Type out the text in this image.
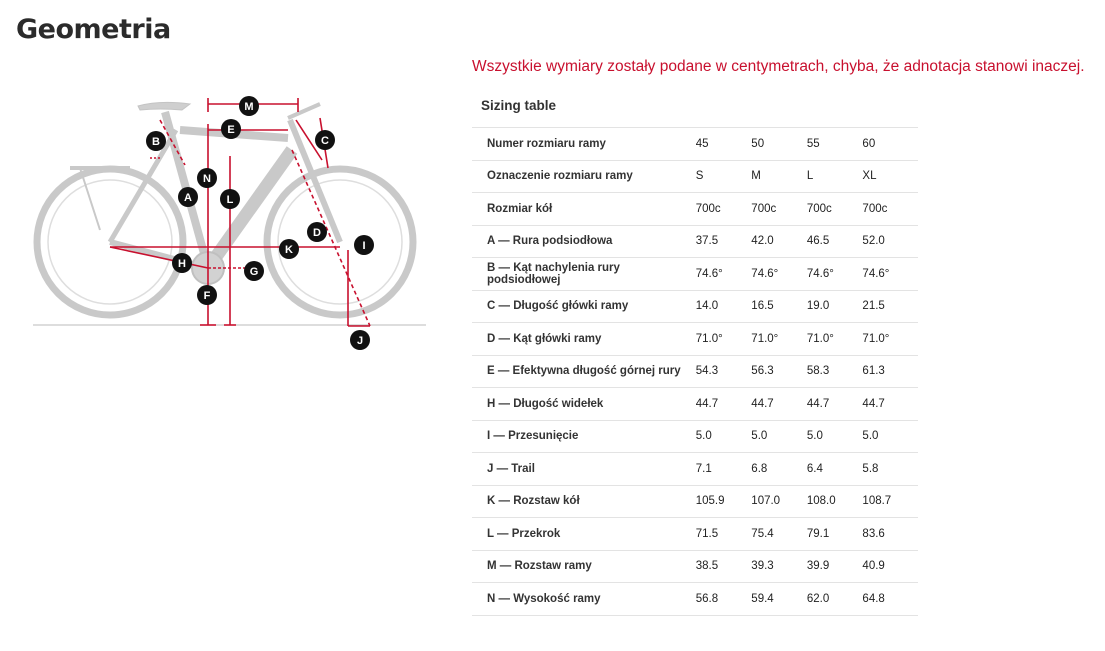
Geometria
M
E
C
B
N
A	L
D
I
K
H
G
F
J

Wszystkie wymiary zostały podane w centymetrach, chyba, że adnotacja stanowi inaczej.

Sizing table
Numer rozmiaru ramy	45	50	55	60
Oznaczenie rozmiaru ramy	S	M	L	XL
Rozmiar kół	700c	700c	700c	700c
A — Rura podsiodłowa	37.5	42.0	46.5	52.0
B — Kąt nachylenia rury podsiodłowej	74.6°	74.6°	74.6°	74.6°
C — Długość główki ramy	14.0	16.5	19.0	21.5
D — Kąt główki ramy	71.0°	71.0°	71.0°	71.0°
E — Efektywna długość górnej rury	54.3	56.3	58.3	61.3
H — Długość widełek	44.7	44.7	44.7	44.7
I — Przesunięcie	5.0	5.0	5.0	5.0
J — Trail	7.1	6.8	6.4	5.8
K — Rozstaw kół	105.9	107.0	108.0	108.7
L — Przekrok	71.5	75.4	79.1	83.6
M — Rozstaw ramy	38.5	39.3	39.9	40.9
N — Wysokość ramy	56.8	59.4	62.0	64.8
